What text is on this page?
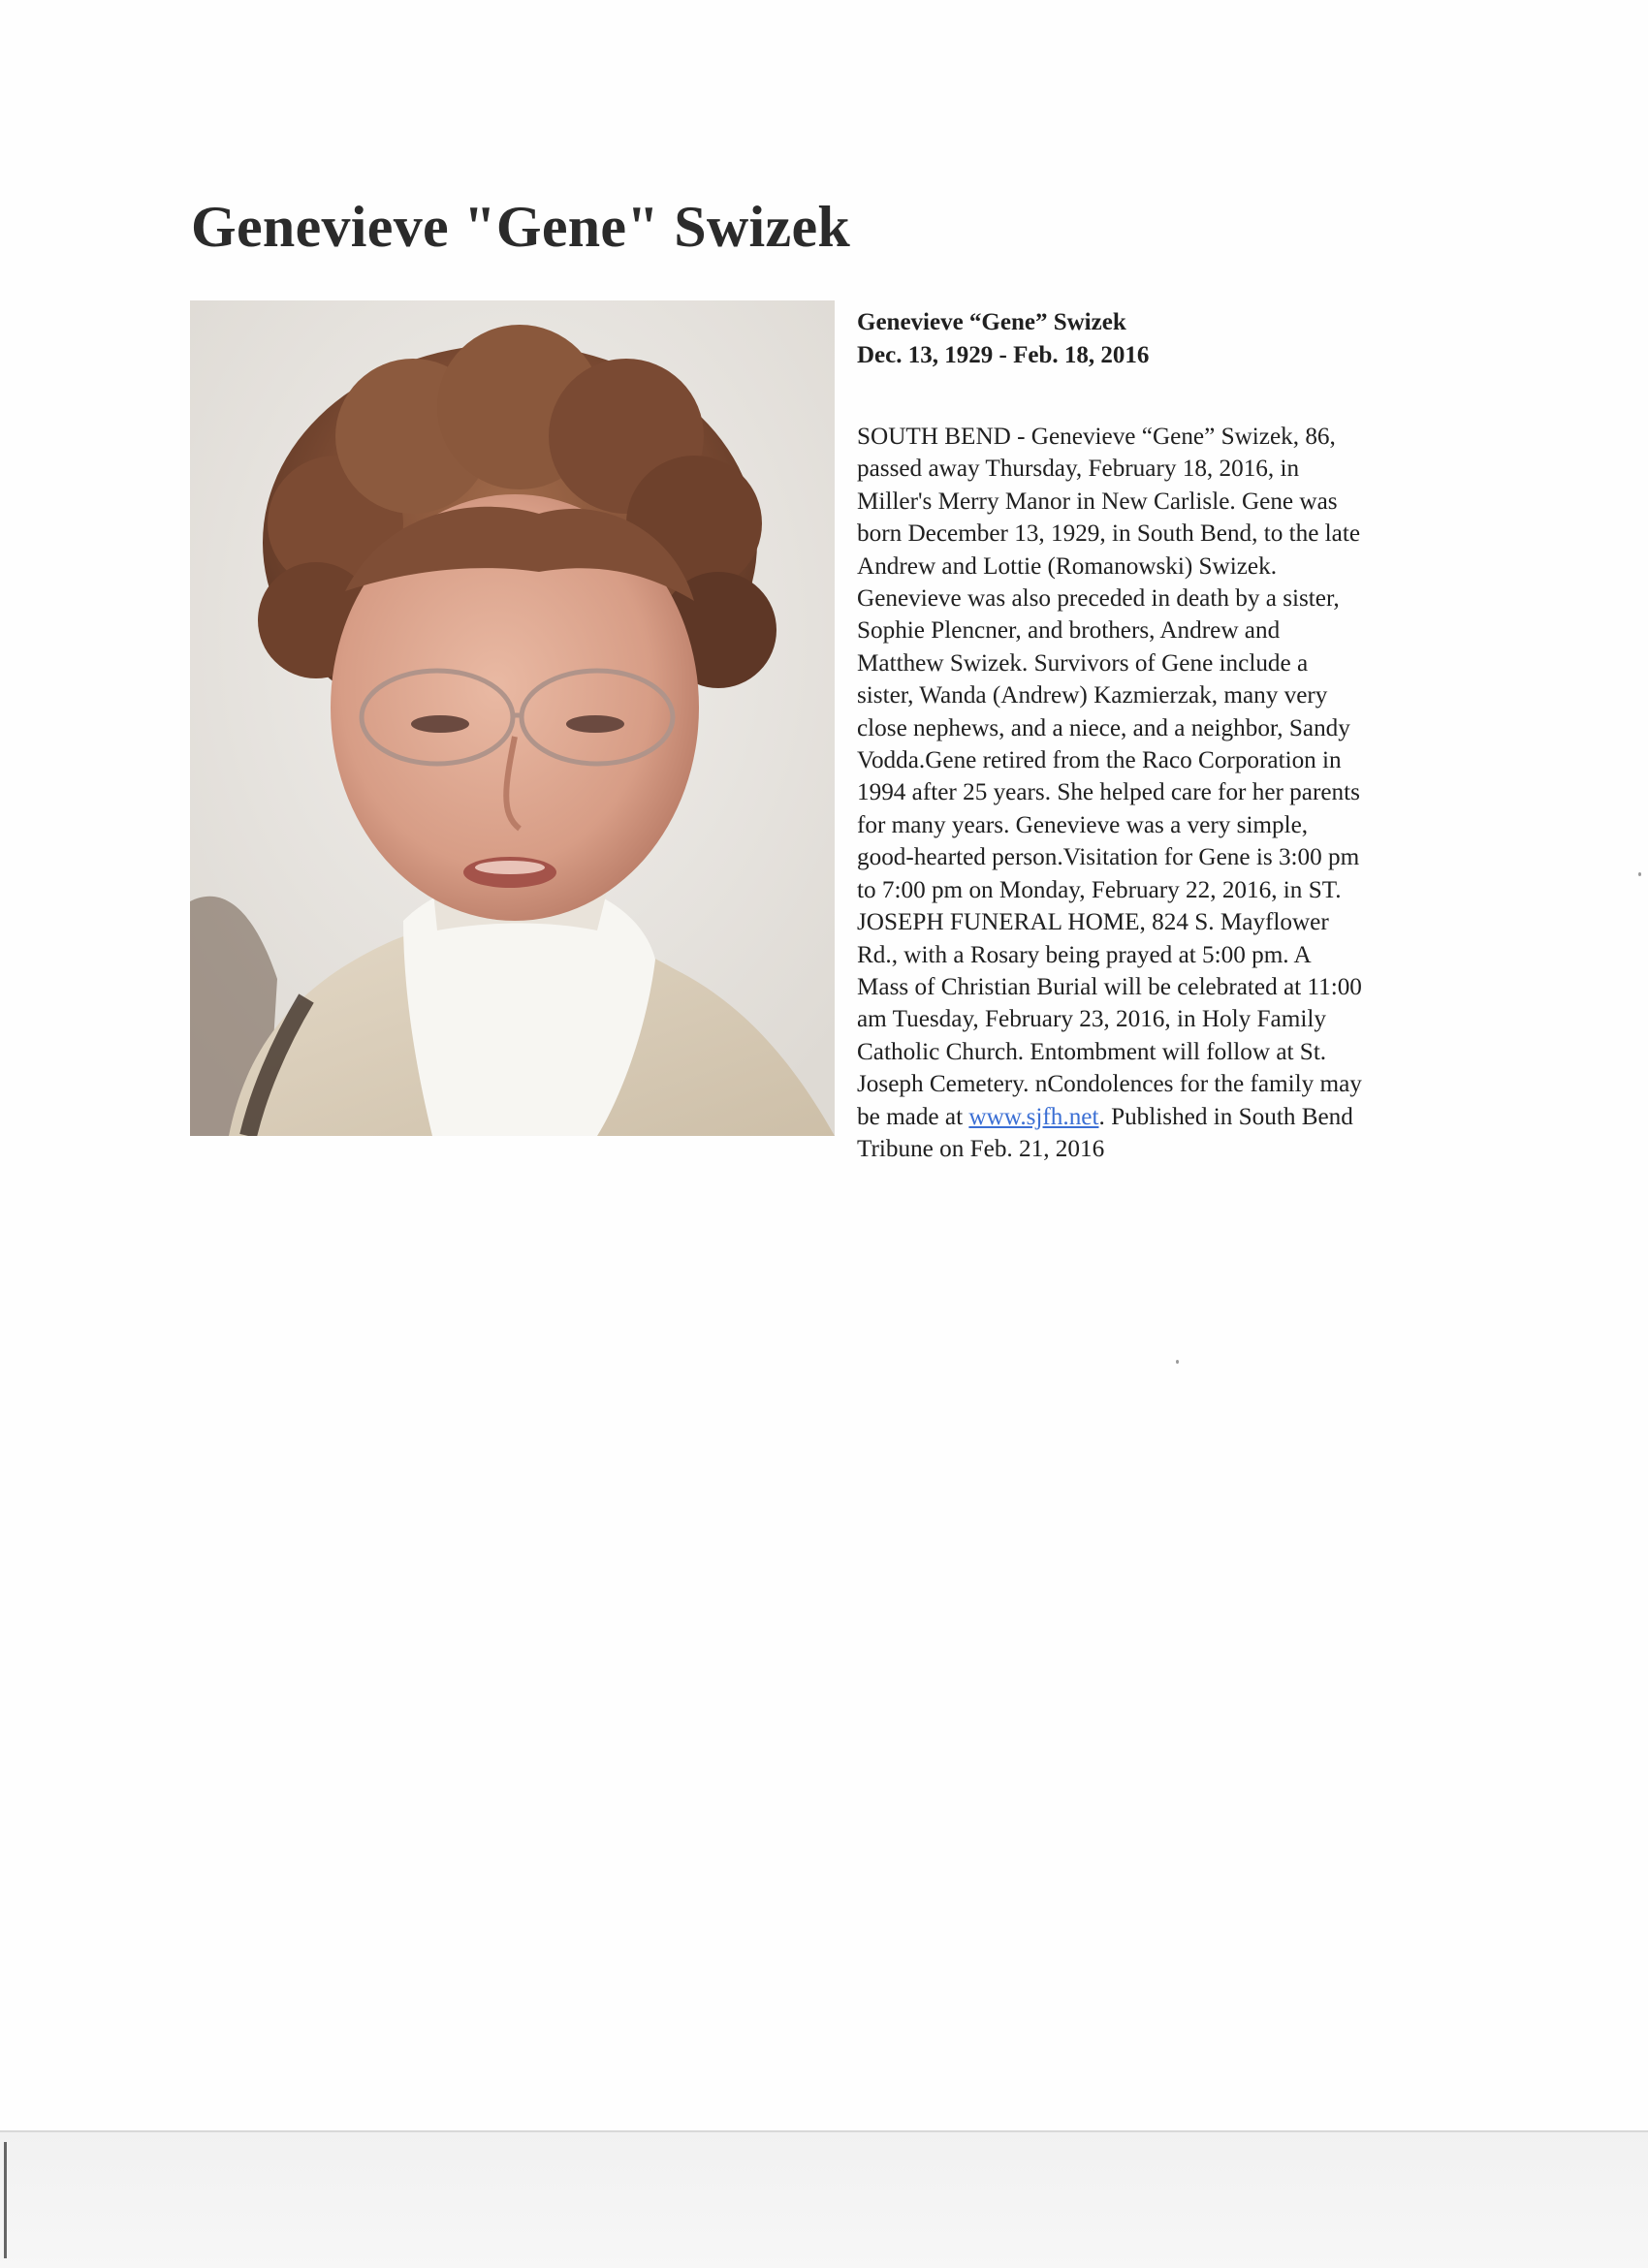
Genevieve "Gene" Swizek

Genevieve “Gene” Swizek

Dec. 13, 1929 - Feb. 18, 2016

SOUTH BEND - Genevieve “Gene” Swizek, 86,
passed away Thursday, February 18, 2016, in
Miller's Merry Manor in New Carlisle. Gene was
born December 13, 1929, in South Bend, to the late
Andrew and Lottie (Romanowski) Swizek.
Genevieve was also preceded in death by a sister,
Sophie Plencner, and brothers, Andrew and
Matthew Swizek. Survivors of Gene include a
sister, Wanda (Andrew) Kazmierzak, many very
close nephews, and a niece, and a neighbor, Sandy
Vodda.Gene retired from the Raco Corporation in
1994 after 25 years. She helped care for her parents
for many years. Genevieve was a very simple,
good-hearted person.Visitation for Gene is 3:00 pm
to 7:00 pm on Monday, February 22, 2016, in ST.
JOSEPH FUNERAL HOME, 824 S. Mayflower
Rd., with a Rosary being prayed at 5:00 pm. A
Mass of Christian Burial will be celebrated at 11:00
am Tuesday, February 23, 2016, in Holy Family
Catholic Church. Entombment will follow at St.
Joseph Cemetery. nCondolences for the family may
be made at www.sjfh.net. Published in South Bend
Tribune on Feb. 21, 2016
